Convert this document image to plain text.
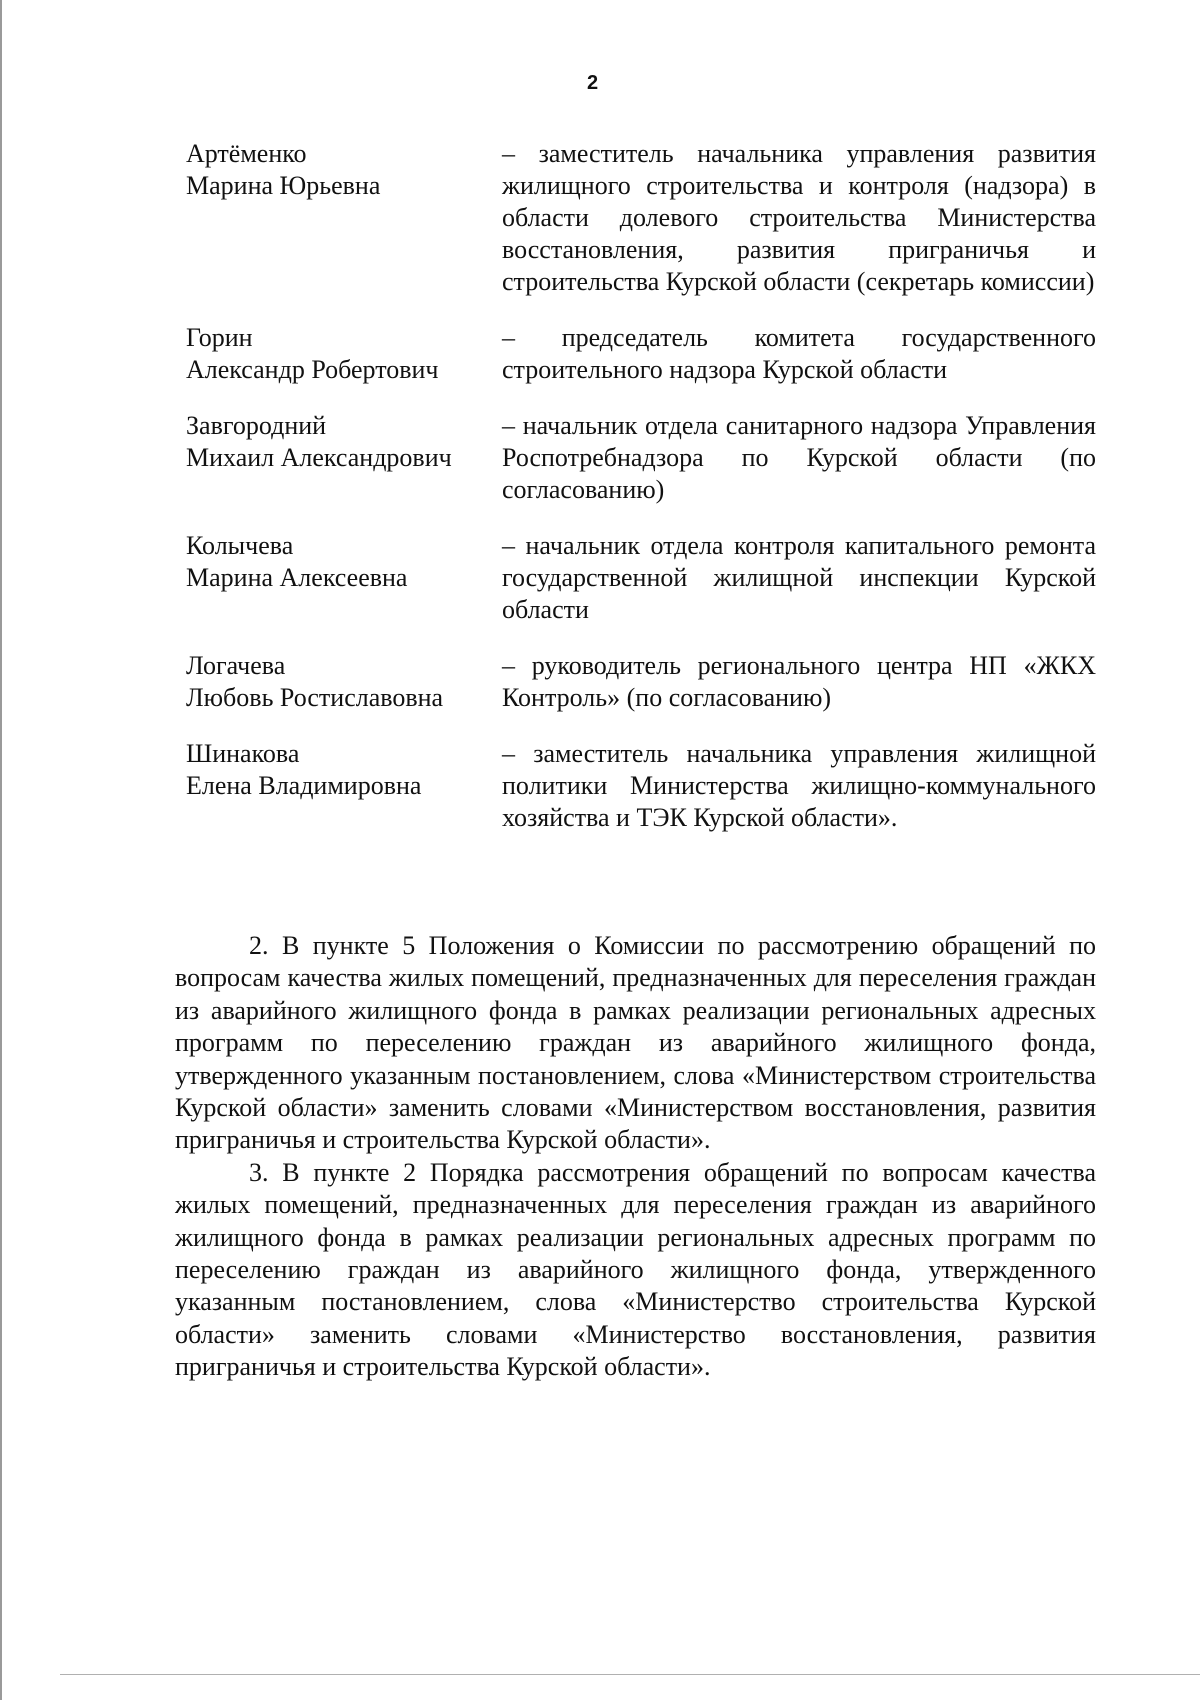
2
Артёменко
Марина Юрьевна
– заместитель начальника управления развития жилищного строительства и контроля (надзора) в области долевого строительства Министерства восстановления, развития приграничья и строительства Курской области (секретарь комиссии)
Горин
Александр Робертович
– председатель комитета государственного строительного надзора Курской области
Завгородний
Михаил Александрович
– начальник отдела санитарного надзора Управления Роспотребнадзора по Курской области (по согласованию)
Колычева
Марина Алексеевна
– начальник отдела контроля капитального ремонта государственной жилищной инспекции Курской области
Логачева
Любовь Ростиславовна
– руководитель регионального центра НП «ЖКХ Контроль» (по согласованию)
Шинакова
Елена Владимировна
– заместитель начальника управления жилищной политики Министерства жилищно-коммунального хозяйства и ТЭК Курской области».

2. В пункте 5 Положения о Комиссии по рассмотрению обращений по вопросам качества жилых помещений, предназначенных для переселения граждан из аварийного жилищного фонда в рамках реализации региональных адресных программ по переселению граждан из аварийного жилищного фонда, утвержденного указанным постановлением, слова «Министерством строительства Курской области» заменить словами «Министерством восстановления, развития приграничья и строительства Курской области».

3. В пункте 2 Порядка рассмотрения обращений по вопросам качества жилых помещений, предназначенных для переселения граждан из аварийного жилищного фонда в рамках реализации региональных адресных программ по переселению граждан из аварийного жилищного фонда, утвержденного указанным постановлением, слова «Министерство строительства Курской области» заменить словами «Министерство восстановления, развития приграничья и строительства Курской области».
